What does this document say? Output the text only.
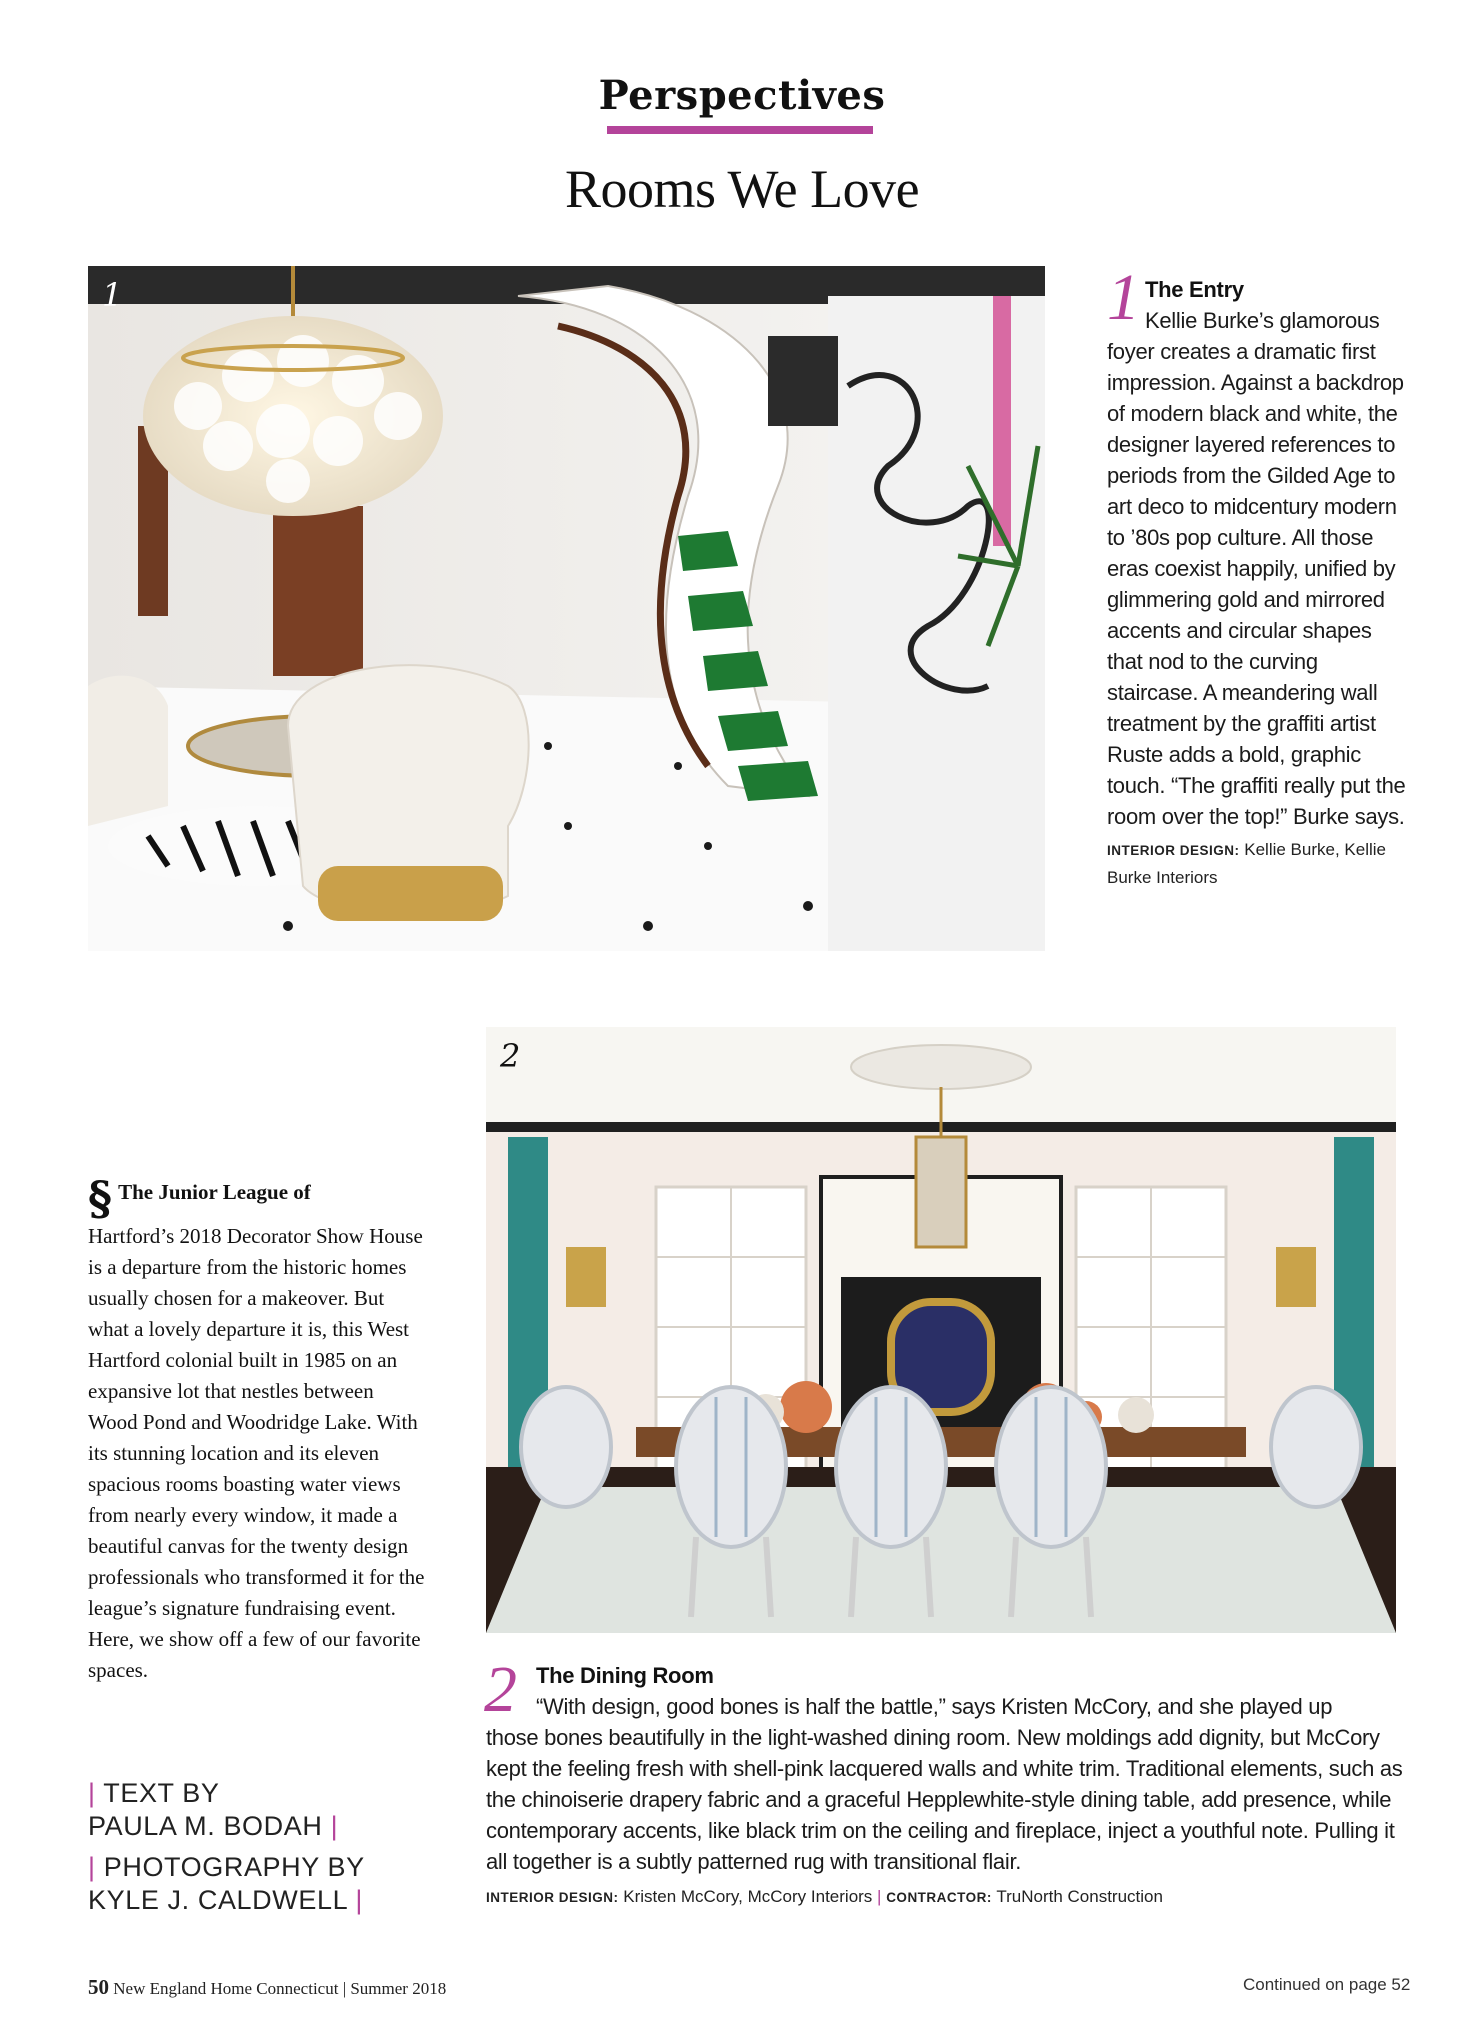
Perspectives
Rooms We Love
1	1 The Entry
Kellie Burke’s glamorous foyer creates a dramatic first impression. Against a backdrop of modern black and white, the designer layered references to periods from the Gilded Age to art deco to midcentury modern to ’80s pop culture. All those eras coexist happily, unified by glimmering gold and mirrored accents and circular shapes that nod to the curving staircase. A meandering wall treatment by the graffiti artist Ruste adds a bold, graphic touch. “The graffiti really put the room over the top!” Burke says.
INTERIOR DESIGN: Kellie Burke, Kellie Burke Interiors
2
§ The Junior League of
Hartford’s 2018 Decorator Show House is a departure from the historic homes usually chosen for a makeover. But what a lovely departure it is, this West Hartford colonial built in 1985 on an expansive lot that nestles between Wood Pond and Woodridge Lake. With its stunning location and its eleven spacious rooms boasting water views from nearly every window, it made a beautiful canvas for the twenty design professionals who transformed it for the league’s signature fundraising event. Here, we show off a few of our favorite spaces.
| TEXT BY
PAULA M. BODAH |
| PHOTOGRAPHY BY
KYLE J. CALDWELL |
2 The Dining Room
“With design, good bones is half the battle,” says Kristen McCory, and she played up
those bones beautifully in the light-washed dining room. New moldings add dignity, but McCory kept the feeling fresh with shell-pink lacquered walls and white trim. Traditional elements, such as the chinoiserie drapery fabric and a graceful Hepplewhite-style dining table, add presence, while contemporary accents, like black trim on the ceiling and fireplace, inject a youthful note. Pulling it all together is a subtly patterned rug with transitional flair.
INTERIOR DESIGN: Kristen McCory, McCory Interiors | CONTRACTOR: TruNorth Construction
50 New England Home Connecticut | Summer 2018	Continued on page 52
